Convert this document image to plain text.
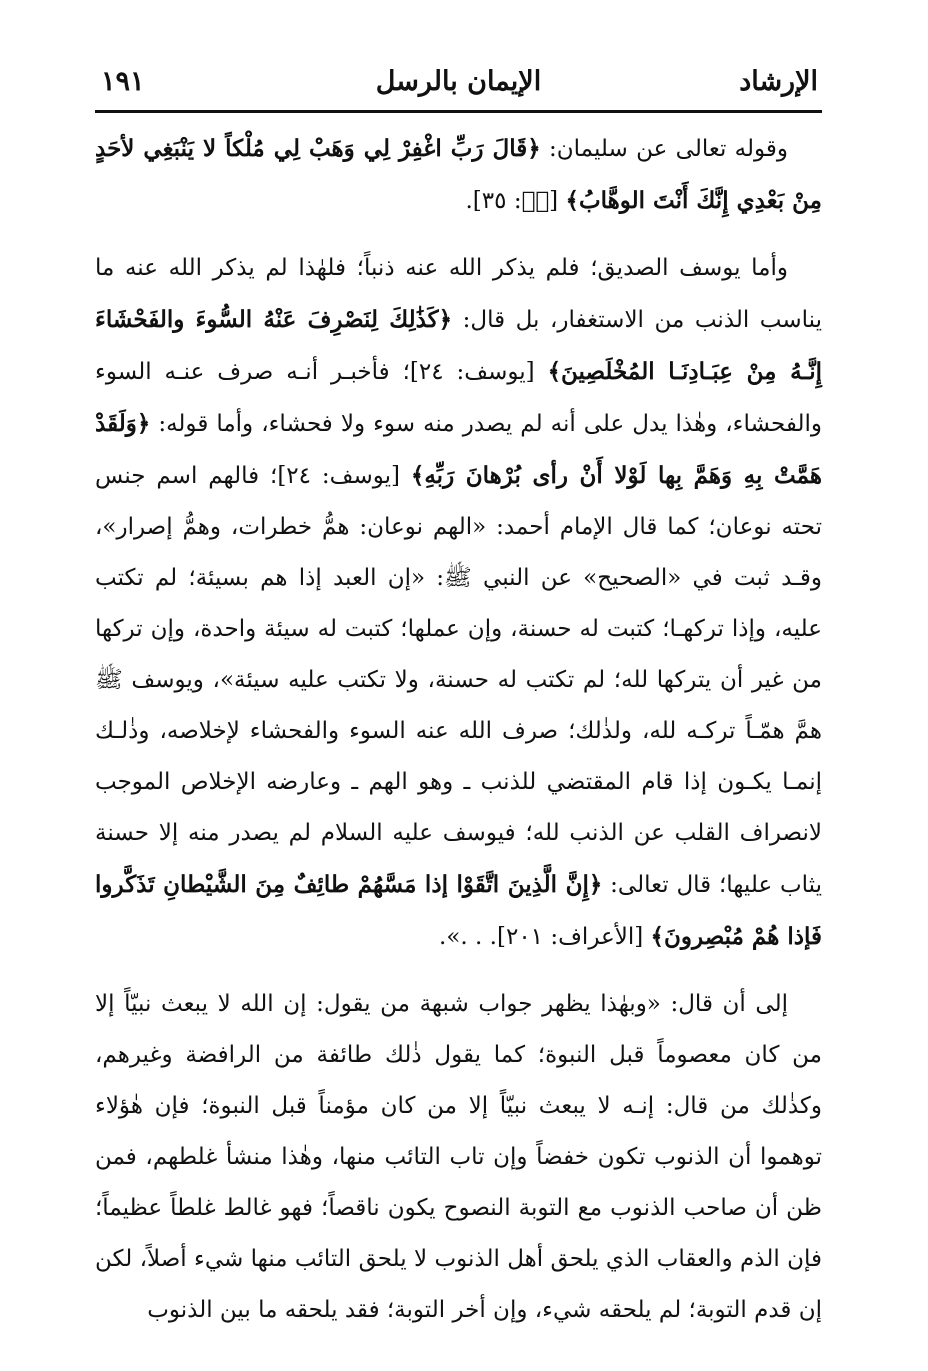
الإرشاد
الإيمان بالرسل
١٩١

وقوله تعالى عن سليمان: ﴿قَالَ رَبِّ اغْفِرْ لِي وَهَبْ لِي مُلْكاً لا يَنْبَغِي لأحَدٍ مِنْ بَعْدِي إِنَّكَ أَنْتَ الوهَّابُ﴾ [صۤ: ٣٥].

وأما يوسف الصديق؛ فلم يذكر الله عنه ذنباً؛ فلهٰذا لم يذكر الله عنه ما يناسب الذنب من الاستغفار، بل قال: ﴿كَذَٰلِكَ لِنَصْرِفَ عَنْهُ السُّوءَ والفَحْشَاءَ إِنَّـهُ مِنْ عِبَـادِنَـا المُخْلَصِينَ﴾ [يوسف: ٢٤]؛ فأخبـر أنـه صرف عنـه السوء والفحشاء، وهٰذا يدل على أنه لم يصدر منه سوء ولا فحشاء، وأما قوله: ﴿وَلَقَدْ هَمَّتْ بِهِ وَهَمَّ بِها لَوْلا أَنْ رأى بُرْهانَ رَبِّهِ﴾ [يوسف: ٢٤]؛ فالهم اسم جنس تحته نوعان؛ كما قال الإمام أحمد: «الهم نوعان: همُّ خطرات، وهمُّ إصرار»، وقـد ثبت في «الصحيح» عن النبي ﷺ: «إن العبد إذا هم بسيئة؛ لم تكتب عليه، وإذا تركهـا؛ كتبت له حسنة، وإن عملها؛ كتبت له سيئة واحدة، وإن تركها من غير أن يتركها لله؛ لم تكتب له حسنة، ولا تكتب عليه سيئة»، ويوسف ﷺ همَّ همّـاً تركـه لله، ولذٰلك؛ صرف الله عنه السوء والفحشاء لإخلاصه، وذٰلـك إنمـا يكـون إذا قام المقتضي للذنب ـ وهو الهم ـ وعارضه الإخلاص الموجب لانصراف القلب عن الذنب لله؛ فيوسف عليه السلام لم يصدر منه إلا حسنة يثاب عليها؛ قال تعالى: ﴿إِنَّ الَّذِينَ اتَّقَوْا إذا مَسَّهُمْ طائِفٌ مِنَ الشَّيْطانِ تَذَكَّروا فَإذا هُمْ مُبْصِرونَ﴾ [الأعراف: ٢٠١]. . .».

إلى أن قال: «وبهٰذا يظهر جواب شبهة من يقول: إن الله لا يبعث نبيّاً إلا من كان معصوماً قبل النبوة؛ كما يقول ذٰلك طائفة من الرافضة وغيرهم، وكذٰلك من قال: إنـه لا يبعث نبيّاً إلا من كان مؤمناً قبل النبوة؛ فإن هٰؤلاء توهموا أن الذنوب تكون خفضاً وإن تاب التائب منها، وهٰذا منشأ غلطهم، فمن ظن أن صاحب الذنوب مع التوبة النصوح يكون ناقصاً؛ فهو غالط غلطاً عظيماً؛ فإن الذم والعقاب الذي يلحق أهل الذنوب لا يلحق التائب منها شيء أصلاً، لكن إن قدم التوبة؛ لم يلحقه شيء، وإن أخر التوبة؛ فقد يلحقه ما بين الذنوب
